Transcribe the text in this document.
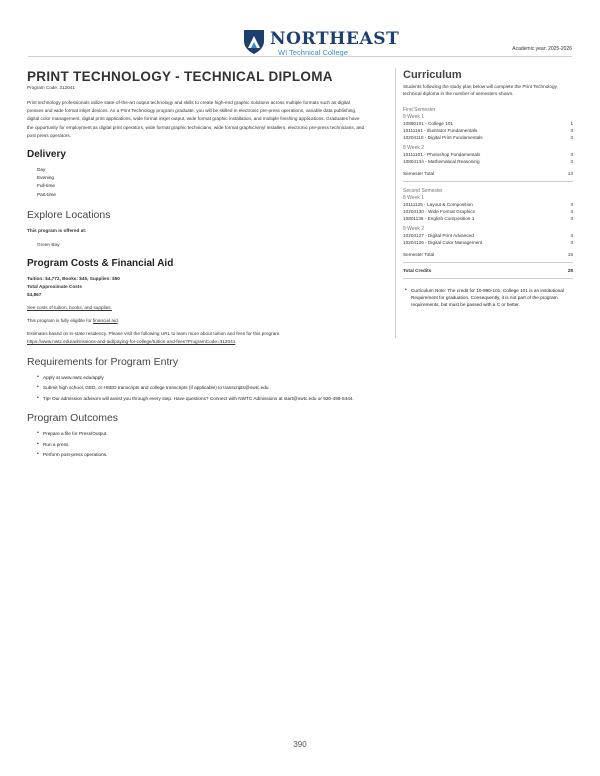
NORTHEAST
WI Technical College	Academic year: 2025-2026
PRINT TECHNOLOGY - TECHNICAL DIPLOMA
Program Code: 312041
Print technology professionals utilize state-of-the-art output technology and skills to create high-end graphic solutions across multiple formats such as digital presses and wide format inkjet devices. As a Print Technology program graduate, you will be skilled in electronic pre-press operations, variable data publishing, digital color management, digital print applications, wide format inkjet output, wide format graphic installation, and multiple finishing applications. Graduates have the opportunity for employment as digital print operators, wide format graphic technicians, wide format graphic/vinyl installers, electronic pre-press technicians, and post press operators.
Delivery
Day
Evening
Full-time
Part-time
Explore Locations
This program is offered at:
Green Bay
Program Costs & Financial Aid
Tuition: $4,772, Books: $45, Supplies: $50
Total Approximate Costs
$4,867
See costs of tuition, books, and supplies.
This program is fully eligible for financial aid.
Estimates based on in-state residency. Please visit the following URL to learn more about tuition and fees for this program.
https://www.nwtc.edu/admissions-and-aid/paying-for-college/tuition-and-fees?ProgramCode=312041
Requirements for Program Entry
• Apply at www.nwtc.edu/apply
• Submit high school, GED, or HSED transcripts and college transcripts (if applicable) to transcripts@nwtc.edu
• Tip! Our admission advisors will assist you through every step. Have questions? Connect with NWTC Admissions at start@nwtc.edu or 920-498-5444.
Program Outcomes
• Prepare a file for Press/Output.
• Run a press.
• Perform post-press operations.
Curriculum
Students following the study plan below will complete the Print Technology technical diploma in the number of semesters shown.
First Semester
8 Week 1
10890101 - College 101	1
10111161 - Illustrator Fundamentals	3
10204110 - Digital Print Fundamentals	3
8 Week 2
10111101 - Photoshop Fundamentals	3
10804134 - Mathematical Reasoning	3
Semester Total	13
Second Semester
8 Week 1
10111125 - Layout & Composition	3
10204130 - Wide Format Graphics	3
10801136 - English Composition 1	3
8 Week 2
10204127 - Digital Print Advanced	3
10204126 - Digital Color Management	3
Semester Total	15
Total Credits	28
• Curriculum Note: The credit for 10-890-101, College 101 is an institutional Requirement for graduation. Consequently, it is not part of the program requirements, but must be passed with a C or better.
390
